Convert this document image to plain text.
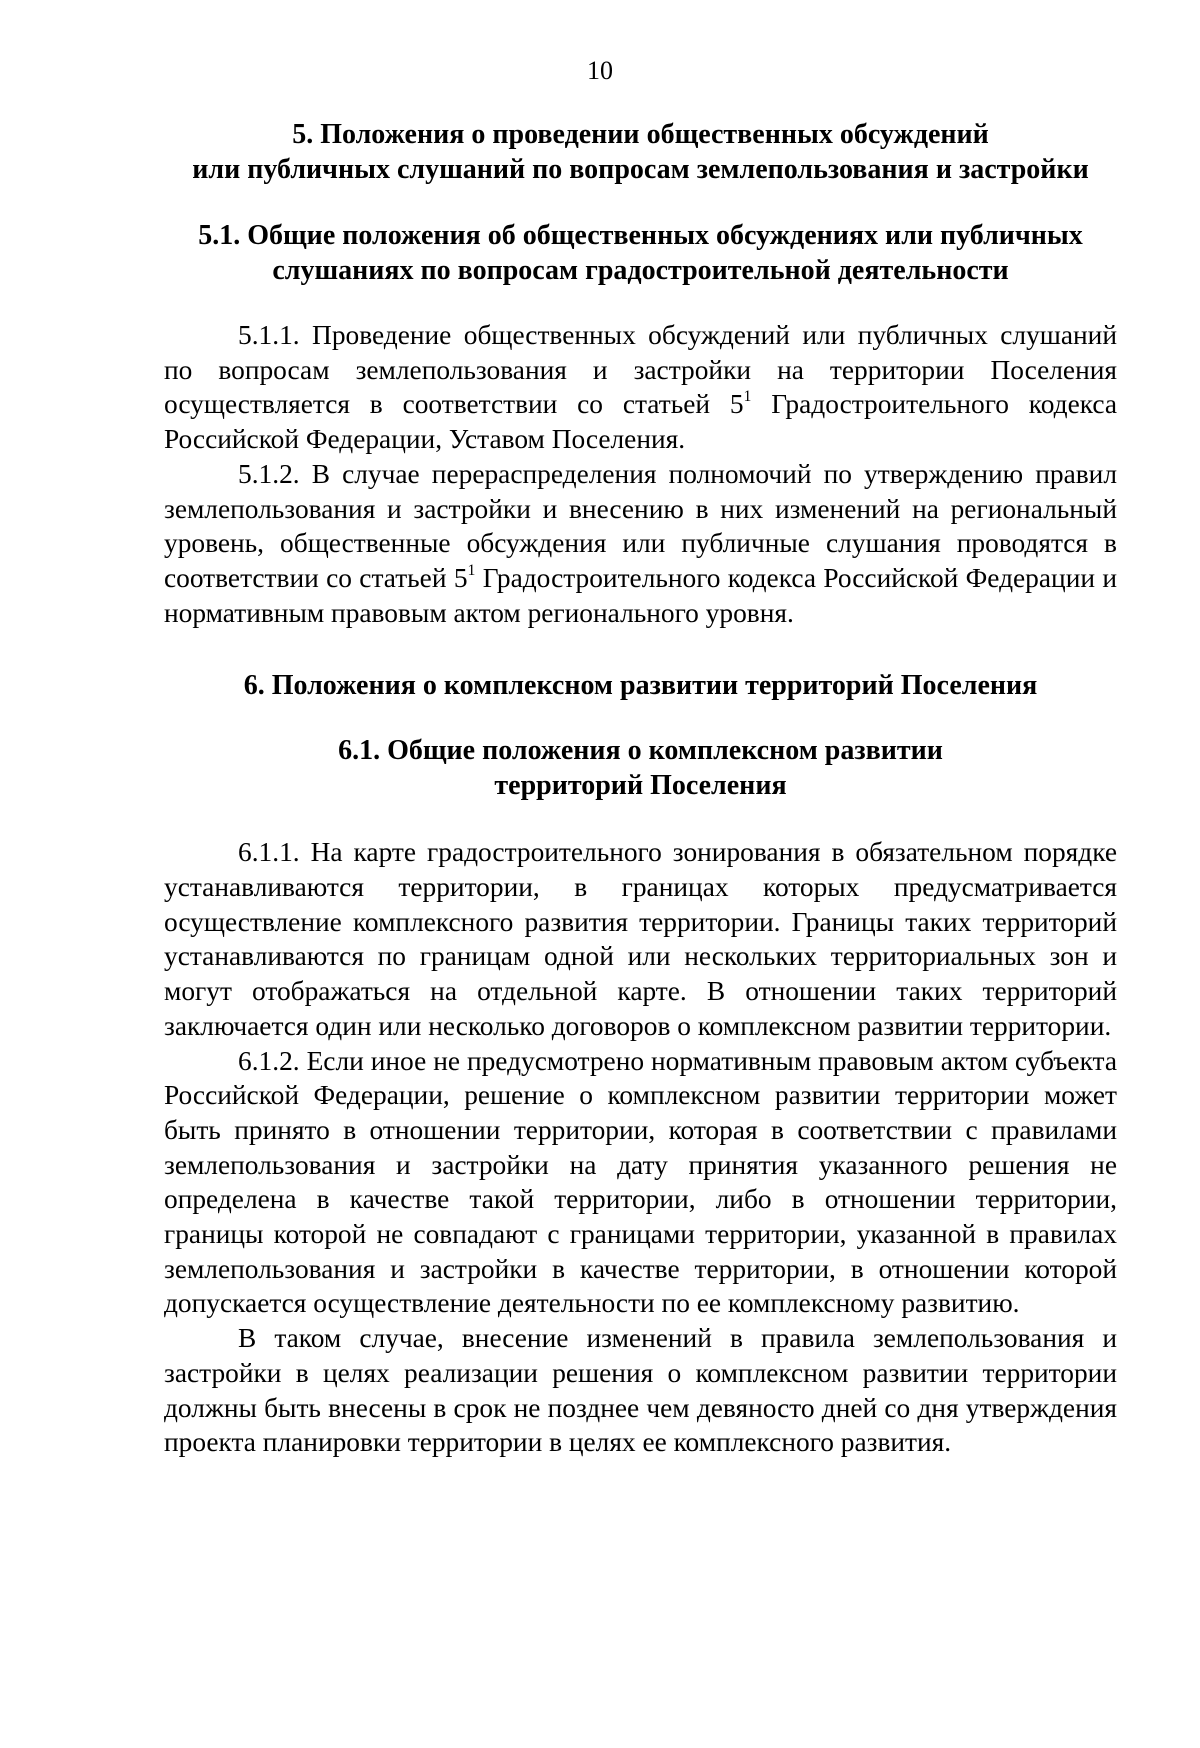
10
5. Положения о проведении общественных обсуждений
или публичных слушаний по вопросам землепользования и застройки
5.1. Общие положения об общественных обсуждениях или публичных
слушаниях по вопросам градостроительной деятельности

5.1.1. Проведение общественных обсуждений или публичных слушаний по вопросам землепользования и застройки на территории Поселения осуществляется в соответствии со статьей $5^1$ Градостроительного кодекса Российской Федерации, Уставом Поселения.

5.1.2. В случае перераспределения полномочий по утверждению правил землепользования и застройки и внесению в них изменений на региональный уровень, общественные обсуждения или публичные слушания проводятся в соответствии со статьей $5^1$ Градостроительного кодекса Российской Федерации и нормативным правовым актом регионального уровня.

6. Положения о комплексном развитии территорий Поселения
6.1. Общие положения о комплексном развитии
территорий Поселения

6.1.1. На карте градостроительного зонирования в обязательном порядке устанавливаются территории, в границах которых предусматривается осуществление комплексного развития территории. Границы таких территорий устанавливаются по границам одной или нескольких территориальных зон и могут отображаться на отдельной карте. В отношении таких территорий заключается один или несколько договоров о комплексном развитии территории.

6.1.2. Если иное не предусмотрено нормативным правовым актом субъекта Российской Федерации, решение о комплексном развитии территории может быть принято в отношении территории, которая в соответствии с правилами землепользования и застройки на дату принятия указанного решения не определена в качестве такой территории, либо в отношении территории, границы которой не совпадают с границами территории, указанной в правилах землепользования и застройки в качестве территории, в отношении которой допускается осуществление деятельности по ее комплексному развитию.

В таком случае, внесение изменений в правила землепользования и застройки в целях реализации решения о комплексном развитии территории должны быть внесены в срок не позднее чем девяносто дней со дня утверждения проекта планировки территории в целях ее комплексного развития.
